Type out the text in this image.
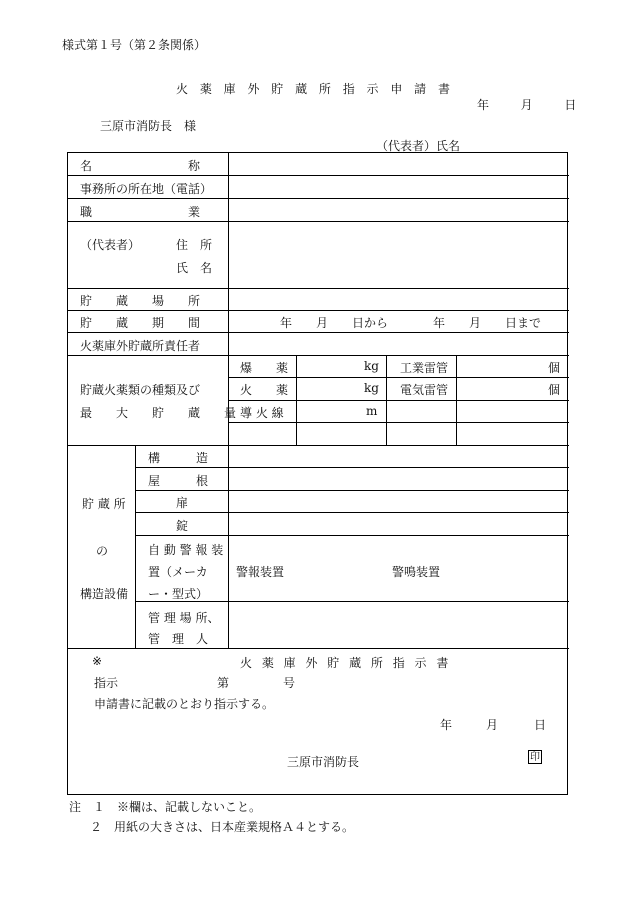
様式第１号（第２条関係）
火 薬 庫 外 貯 蔵 所 指 示 申 請 書
年	月	日
三原市消防長　様
（代表者）氏名
名　　　　　　　　称
事務所の所在地（電話）
職　　　　　　　　業
（代表者）	住　所
氏　名
貯　　蔵　　場　　所
貯　　蔵　　期　　間	年　　月　　日から	年　　月　　日まで
火薬庫外貯蔵所責任者
貯蔵火薬類の種類及び
最　　大　　貯　　蔵　　量
爆　　薬	kg 工業雷管	個
火　　薬	kg 電気雷管	個
導 火 線	m
貯 蔵 所
の
構造設備
構　　　造
屋　　　根
扉
錠
自 動 警 報 装
置（メーカ
ー・型式）
警報装置	警鳴装置
管 理 場 所、
管　理　人
※	火 薬 庫 外 貯 蔵 所 指 示 書
指示	第	号
申請書に記載のとおり指示する。
年	月	日
三原市消防長	印
注　１　※欄は、記載しないこと。
２　用紙の大きさは、日本産業規格Ａ４とする。
